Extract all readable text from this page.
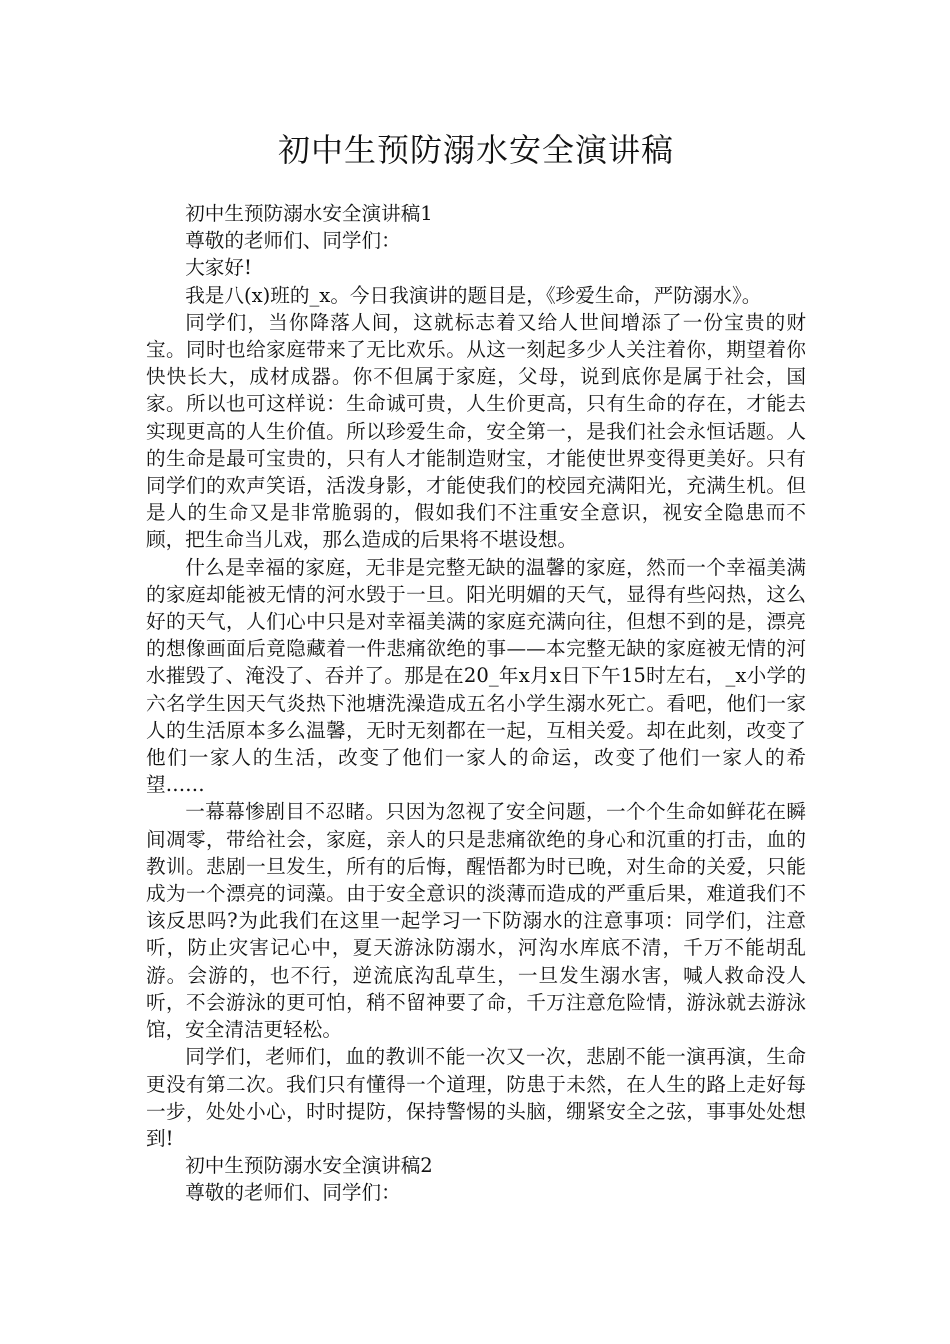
初中生预防溺水安全演讲稿

初中生预防溺水安全演讲稿1

尊敬的老师们、同学们：

大家好!

我是八(x)班的_x。今日我演讲的题目是，《珍爱生命，严防溺水》。

同学们，当你降落人间，这就标志着又给人世间增添了一份宝贵的财宝。同时也给家庭带来了无比欢乐。从这一刻起多少人关注着你，期望着你快快长大，成材成器。你不但属于家庭，父母，说到底你是属于社会，国家。所以也可这样说：生命诚可贵，人生价更高，只有生命的存在，才能去实现更高的人生价值。所以珍爱生命，安全第一，是我们社会永恒话题。人的生命是最可宝贵的，只有人才能制造财宝，才能使世界变得更美好。只有同学们的欢声笑语，活泼身影，才能使我们的校园充满阳光，充满生机。但是人的生命又是非常脆弱的，假如我们不注重安全意识，视安全隐患而不顾，把生命当儿戏，那么造成的后果将不堪设想。

什么是幸福的家庭，无非是完整无缺的温馨的家庭，然而一个幸福美满的家庭却能被无情的河水毁于一旦。阳光明媚的天气，显得有些闷热，这么好的天气，人们心中只是对幸福美满的家庭充满向往，但想不到的是，漂亮的想像画面后竟隐藏着一件悲痛欲绝的事——本完整无缺的家庭被无情的河水摧毁了、淹没了、吞并了。那是在20_年x月x日下午15时左右，_x小学的六名学生因天气炎热下池塘洗澡造成五名小学生溺水死亡。看吧，他们一家人的生活原本多么温馨，无时无刻都在一起，互相关爱。却在此刻，改变了他们一家人的生活，改变了他们一家人的命运，改变了他们一家人的希望……

一幕幕惨剧目不忍睹。只因为忽视了安全问题，一个个生命如鲜花在瞬间凋零，带给社会，家庭，亲人的只是悲痛欲绝的身心和沉重的打击，血的教训。悲剧一旦发生，所有的后悔，醒悟都为时已晚，对生命的关爱，只能成为一个漂亮的词藻。由于安全意识的淡薄而造成的严重后果，难道我们不该反思吗?为此我们在这里一起学习一下防溺水的注意事项：同学们，注意听，防止灾害记心中，夏天游泳防溺水，河沟水库底不清，千万不能胡乱游。会游的，也不行，逆流底沟乱草生，一旦发生溺水害，喊人救命没人听，不会游泳的更可怕，稍不留神要了命，千万注意危险情，游泳就去游泳馆，安全清洁更轻松。

同学们，老师们，血的教训不能一次又一次，悲剧不能一演再演，生命更没有第二次。我们只有懂得一个道理，防患于未然，在人生的路上走好每一步，处处小心，时时提防，保持警惕的头脑，绷紧安全之弦，事事处处想到!

初中生预防溺水安全演讲稿2

尊敬的老师们、同学们：
